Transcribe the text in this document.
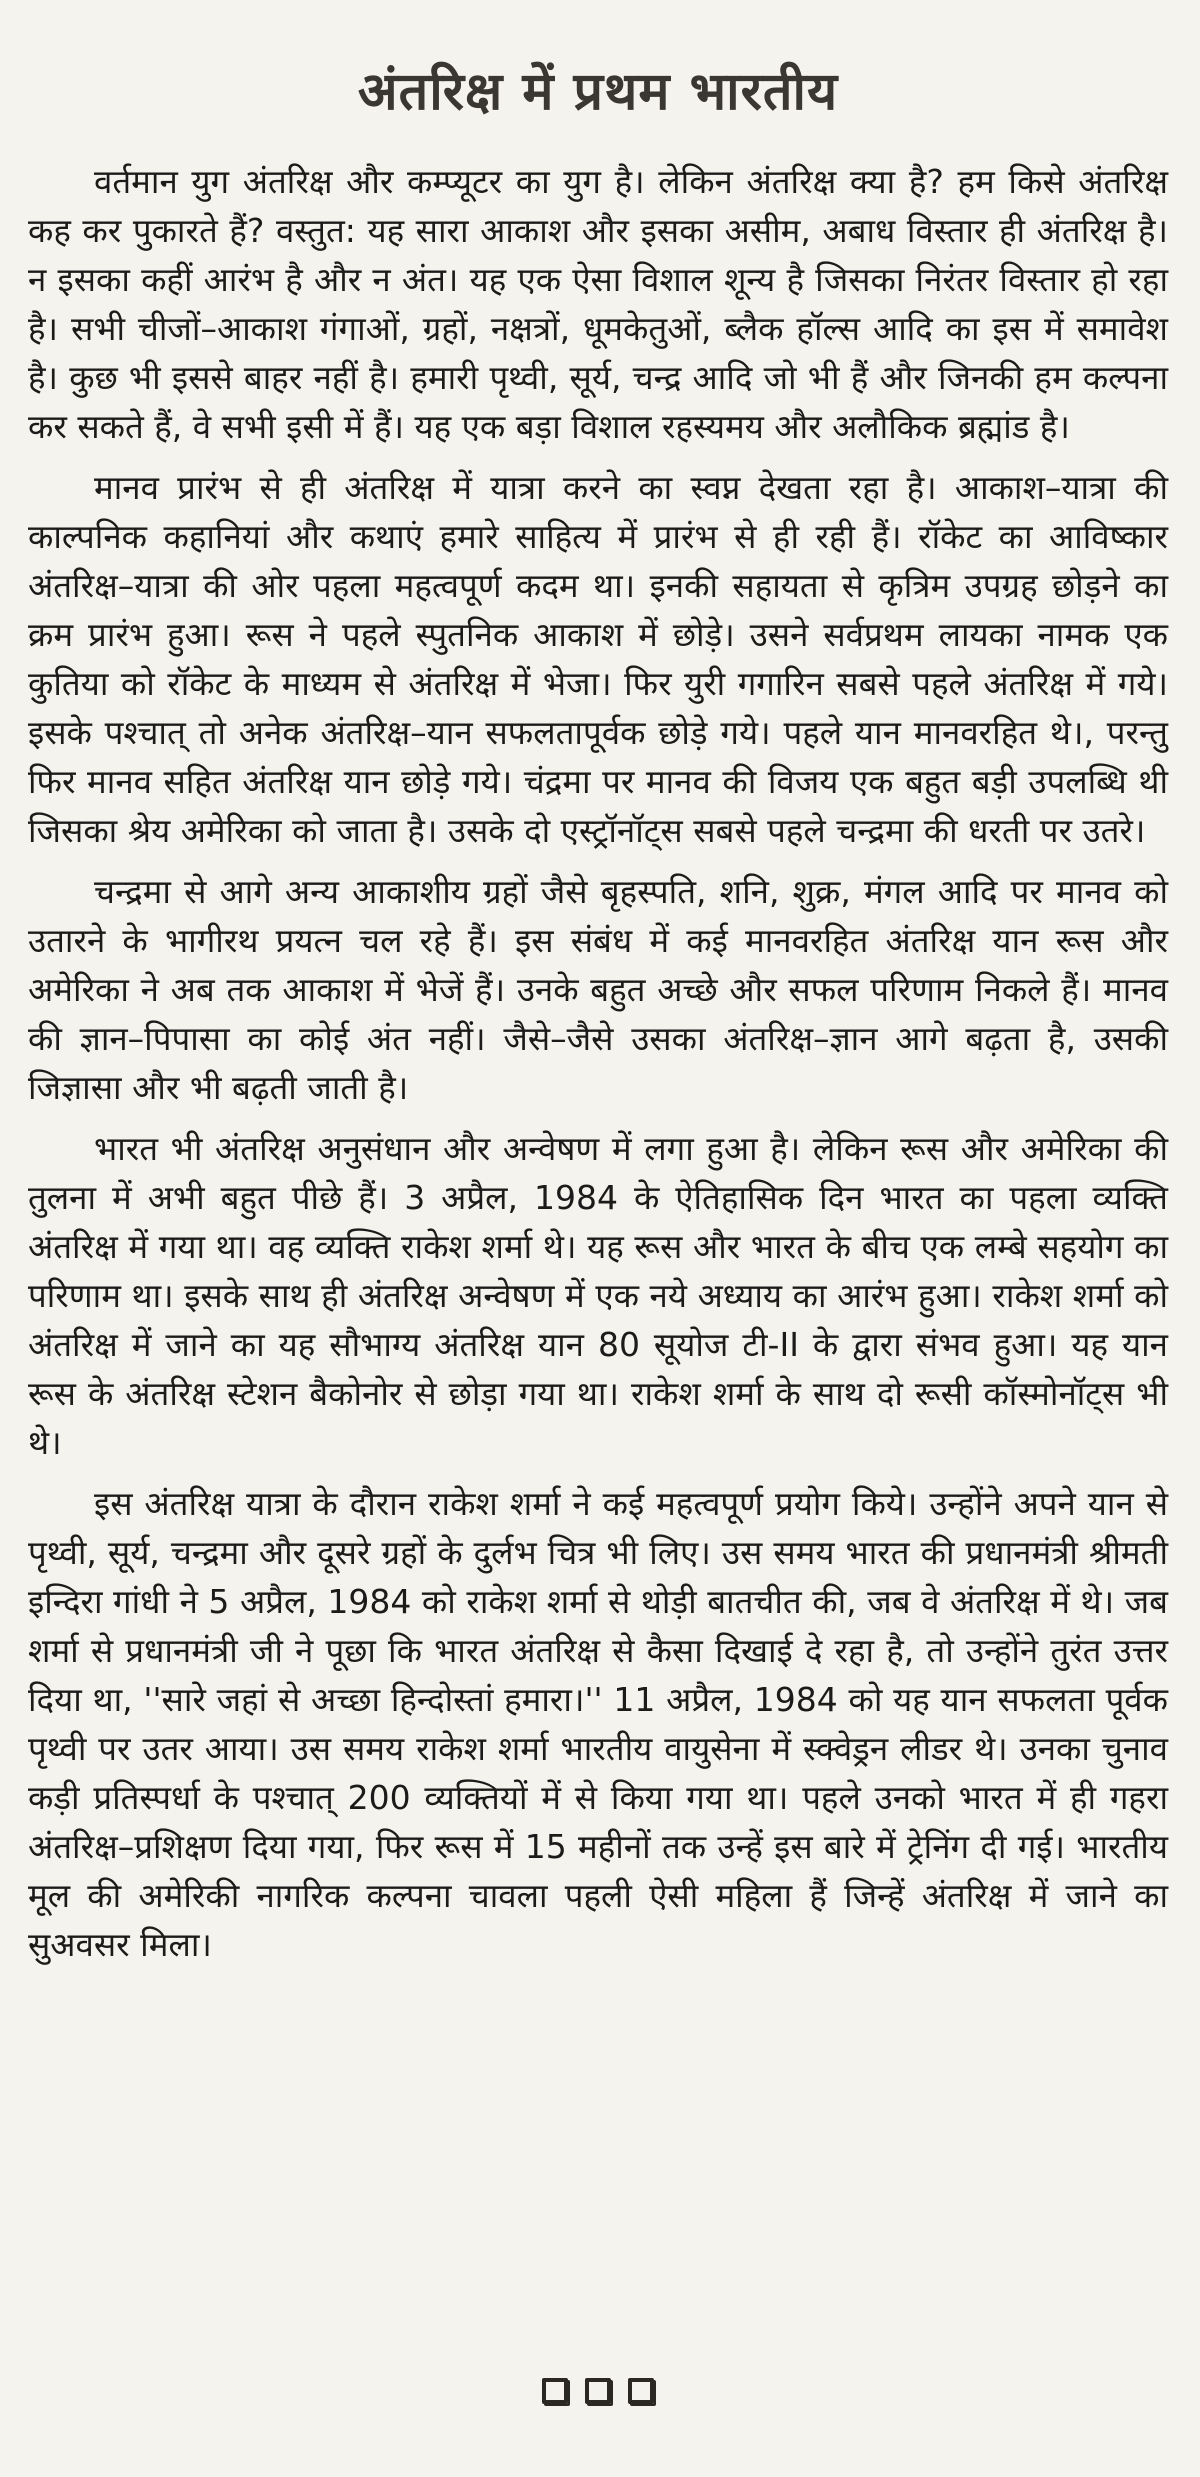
अंतरिक्ष में प्रथम भारतीय

वर्तमान युग अंतरिक्ष और कम्प्यूटर का युग है। लेकिन अंतरिक्ष क्या है? हम किसे अंतरिक्ष कह कर पुकारते हैं? वस्तुत: यह सारा आकाश और इसका असीम, अबाध विस्तार ही अंतरिक्ष है। न इसका कहीं आरंभ है और न अंत। यह एक ऐसा विशाल शून्य है जिसका निरंतर विस्तार हो रहा है। सभी चीजों–आकाश गंगाओं, ग्रहों, नक्षत्रों, धूमकेतुओं, ब्लैक हॉल्स आदि का इस में समावेश है। कुछ भी इससे बाहर नहीं है। हमारी पृथ्वी, सूर्य, चन्द्र आदि जो भी हैं और जिनकी हम कल्पना कर सकते हैं, वे सभी इसी में हैं। यह एक बड़ा विशाल रहस्यमय और अलौकिक ब्रह्मांड है।

मानव प्रारंभ से ही अंतरिक्ष में यात्रा करने का स्वप्न देखता रहा है। आकाश–यात्रा की काल्पनिक कहानियां और कथाएं हमारे साहित्य में प्रारंभ से ही रही हैं। रॉकेट का आविष्कार अंतरिक्ष–यात्रा की ओर पहला महत्वपूर्ण कदम था। इनकी सहायता से कृत्रिम उपग्रह छोड़ने का क्रम प्रारंभ हुआ। रूस ने पहले स्पुतनिक आकाश में छोड़े। उसने सर्वप्रथम लायका नामक एक कुतिया को रॉकेट के माध्यम से अंतरिक्ष में भेजा। फिर युरी गगारिन सबसे पहले अंतरिक्ष में गये। इसके पश्चात् तो अनेक अंतरिक्ष–यान सफलतापूर्वक छोड़े गये। पहले यान मानवरहित थे।, परन्तु फिर मानव सहित अंतरिक्ष यान छोड़े गये। चंद्रमा पर मानव की विजय एक बहुत बड़ी उपलब्धि थी जिसका श्रेय अमेरिका को जाता है। उसके दो एस्ट्रॉनॉट्स सबसे पहले चन्द्रमा की धरती पर उतरे।

चन्द्रमा से आगे अन्य आकाशीय ग्रहों जैसे बृहस्पति, शनि, शुक्र, मंगल आदि पर मानव को उतारने के भागीरथ प्रयत्न चल रहे हैं। इस संबंध में कई मानवरहित अंतरिक्ष यान रूस और अमेरिका ने अब तक आकाश में भेजें हैं। उनके बहुत अच्छे और सफल परिणाम निकले हैं। मानव की ज्ञान–पिपासा का कोई अंत नहीं। जैसे–जैसे उसका अंतरिक्ष–ज्ञान आगे बढ़ता है, उसकी जिज्ञासा और भी बढ़ती जाती है।

भारत भी अंतरिक्ष अनुसंधान और अन्वेषण में लगा हुआ है। लेकिन रूस और अमेरिका की तुलना में अभी बहुत पीछे हैं। 3 अप्रैल, 1984 के ऐतिहासिक दिन भारत का पहला व्यक्ति अंतरिक्ष में गया था। वह व्यक्ति राकेश शर्मा थे। यह रूस और भारत के बीच एक लम्बे सहयोग का परिणाम था। इसके साथ ही अंतरिक्ष अन्वेषण में एक नये अध्याय का आरंभ हुआ। राकेश शर्मा को अंतरिक्ष में जाने का यह सौभाग्य अंतरिक्ष यान 80 सूयोज टी-II के द्वारा संभव हुआ। यह यान रूस के अंतरिक्ष स्टेशन बैकोनोर से छोड़ा गया था। राकेश शर्मा के साथ दो रूसी कॉस्मोनॉट्स भी थे।

इस अंतरिक्ष यात्रा के दौरान राकेश शर्मा ने कई महत्वपूर्ण प्रयोग किये। उन्होंने अपने यान से पृथ्वी, सूर्य, चन्द्रमा और दूसरे ग्रहों के दुर्लभ चित्र भी लिए। उस समय भारत की प्रधानमंत्री श्रीमती इन्दिरा गांधी ने 5 अप्रैल, 1984 को राकेश शर्मा से थोड़ी बातचीत की, जब वे अंतरिक्ष में थे। जब शर्मा से प्रधानमंत्री जी ने पूछा कि भारत अंतरिक्ष से कैसा दिखाई दे रहा है, तो उन्होंने तुरंत उत्तर दिया था, ''सारे जहां से अच्छा हिन्दोस्तां हमारा।'' 11 अप्रैल, 1984 को यह यान सफलता पूर्वक पृथ्वी पर उतर आया। उस समय राकेश शर्मा भारतीय वायुसेना में स्क्वेड्रन लीडर थे। उनका चुनाव कड़ी प्रतिस्पर्धा के पश्चात् 200 व्यक्तियों में से किया गया था। पहले उनको भारत में ही गहरा अंतरिक्ष–प्रशिक्षण दिया गया, फिर रूस में 15 महीनों तक उन्हें इस बारे में ट्रेनिंग दी गई। भारतीय मूल की अमेरिकी नागरिक कल्पना चावला पहली ऐसी महिला हैं जिन्हें अंतरिक्ष में जाने का सुअवसर मिला।
